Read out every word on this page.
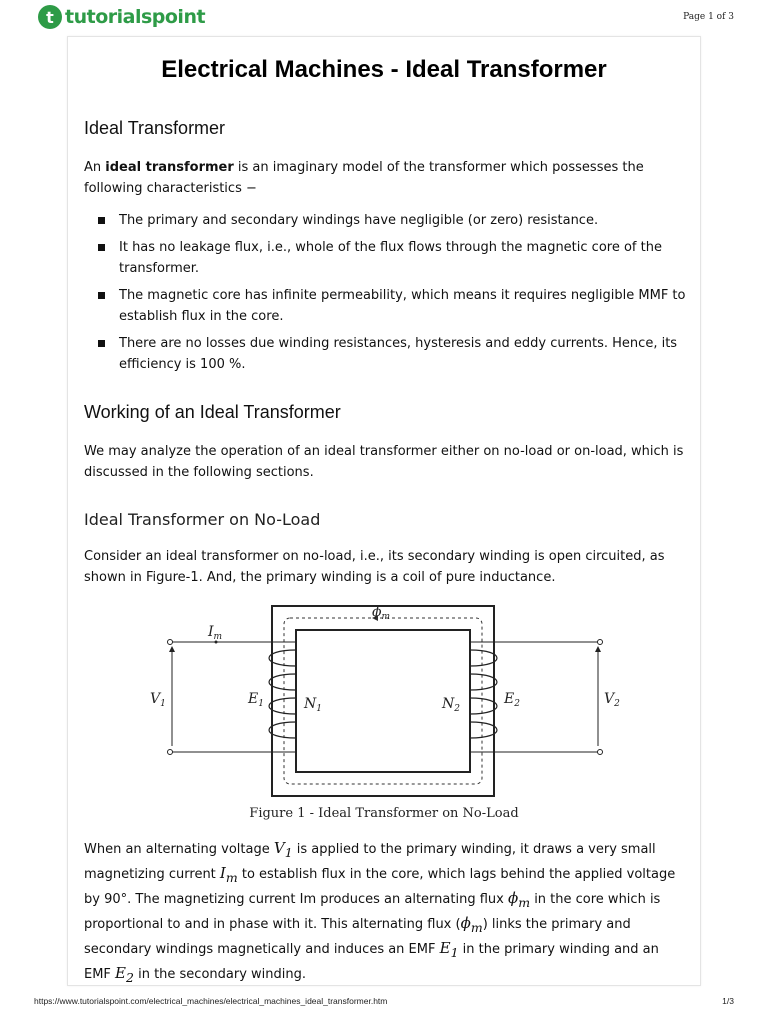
t tutorialspoint	Page 1 of 3
Electrical Machines - Ideal Transformer
Ideal Transformer

An ideal transformer is an imaginary model of the transformer which possesses the following characteristics −

The primary and secondary windings have negligible (or zero) resistance.
It has no leakage flux, i.e., whole of the flux flows through the magnetic core of the transformer.
The magnetic core has infinite permeability, which means it requires negligible MMF to establish flux in the core.
There are no losses due winding resistances, hysteresis and eddy currents. Hence, its efficiency is 100 %.
Working of an Ideal Transformer

We may analyze the operation of an ideal transformer either on no-load or on-load, which is discussed in the following sections.

Ideal Transformer on No-Load

Consider an ideal transformer on no-load, i.e., its secondary winding is open circuited, as shown in Figure-1. And, the primary winding is a coil of pure inductance.

$I_m$
$\phi_m$
$V_1$	$E_1$	$N_1$	$N_2$
$E_2$	$V_2$
Figure 1 - Ideal Transformer on No-Load

When an alternating voltage $V_1$ is applied to the primary winding, it draws a very small magnetizing current $I_m$ to establish flux in the core, which lags behind the applied voltage by 90°. The magnetizing current Im produces an alternating flux $\phi_m$ in the core which is proportional to and in phase with it. This alternating flux $(\phi_m)$ links the primary and secondary windings magnetically and induces an EMF $E_1$ in the primary winding and an EMF $E_2$ in the secondary winding.

https://www.tutorialspoint.com/electrical_machines/electrical_machines_ideal_transformer.htm	1/3
